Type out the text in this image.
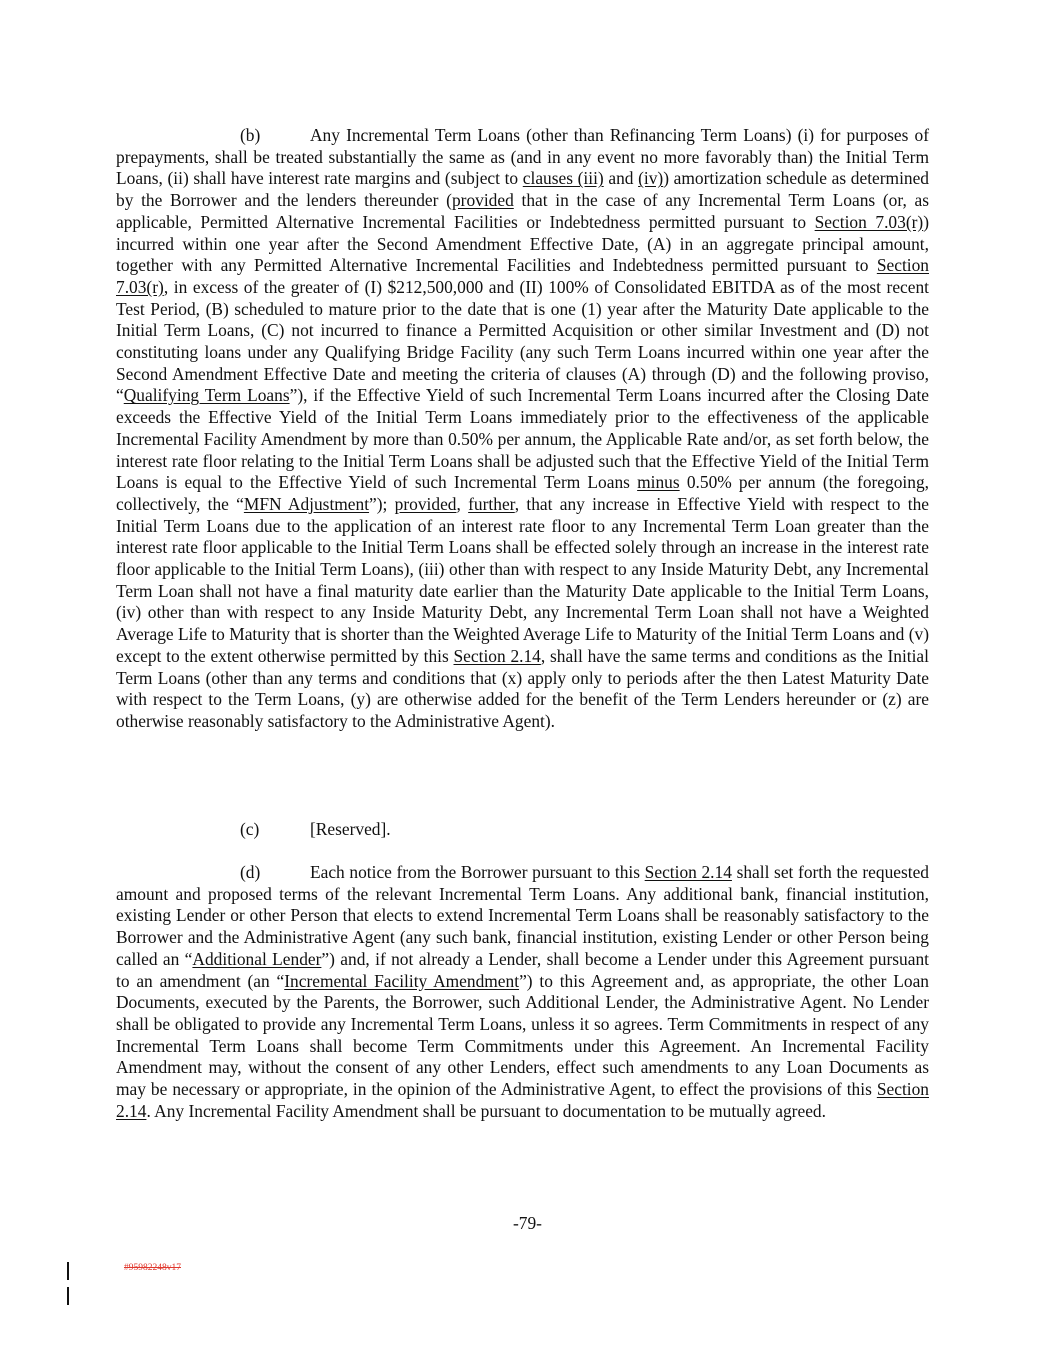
(b)	Any Incremental Term Loans (other than Refinancing Term Loans) (i) for purposes of prepayments, shall be treated substantially the same as (and in any event no more favorably than) the Initial Term Loans, (ii) shall have interest rate margins and (subject to clauses (iii) and (iv)) amortization schedule as determined by the Borrower and the lenders thereunder (provided that in the case of any Incremental Term Loans (or, as applicable, Permitted Alternative Incremental Facilities or Indebtedness permitted pursuant to Section 7.03(r)) incurred within one year after the Second Amendment Effective Date, (A) in an aggregate principal amount, together with any Permitted Alternative Incremental Facilities and Indebtedness permitted pursuant to Section 7.03(r), in excess of the greater of (I) $212,500,000 and (II) 100% of Consolidated EBITDA as of the most recent Test Period, (B) scheduled to mature prior to the date that is one (1) year after the Maturity Date applicable to the Initial Term Loans, (C) not incurred to finance a Permitted Acquisition or other similar Investment and (D) not constituting loans under any Qualifying Bridge Facility (any such Term Loans incurred within one year after the Second Amendment Effective Date and meeting the criteria of clauses (A) through (D) and the following proviso, “Qualifying Term Loans”), if the Effective Yield of such Incremental Term Loans incurred after the Closing Date exceeds the Effective Yield of the Initial Term Loans immediately prior to the effectiveness of the applicable Incremental Facility Amendment by more than 0.50% per annum, the Applicable Rate and/or, as set forth below, the interest rate floor relating to the Initial Term Loans shall be adjusted such that the Effective Yield of the Initial Term Loans is equal to the Effective Yield of such Incremental Term Loans minus 0.50% per annum (the foregoing, collectively, the “MFN Adjustment”); provided, further, that any increase in Effective Yield with respect to the Initial Term Loans due to the application of an interest rate floor to any Incremental Term Loan greater than the interest rate floor applicable to the Initial Term Loans shall be effected solely through an increase in the interest rate floor applicable to the Initial Term Loans), (iii) other than with respect to any Inside Maturity Debt, any Incremental Term Loan shall not have a final maturity date earlier than the Maturity Date applicable to the Initial Term Loans, (iv) other than with respect to any Inside Maturity Debt, any Incremental Term Loan shall not have a Weighted Average Life to Maturity that is shorter than the Weighted Average Life to Maturity of the Initial Term Loans and (v) except to the extent otherwise permitted by this Section 2.14, shall have the same terms and conditions as the Initial Term Loans (other than any terms and conditions that (x) apply only to periods after the then Latest Maturity Date with respect to the Term Loans, (y) are otherwise added for the benefit of the Term Lenders hereunder or (z) are otherwise reasonably satisfactory to the Administrative Agent).

(c)	[Reserved].

(d)	Each notice from the Borrower pursuant to this Section 2.14 shall set forth the requested amount and proposed terms of the relevant Incremental Term Loans. Any additional bank, financial institution, existing Lender or other Person that elects to extend Incremental Term Loans shall be reasonably satisfactory to the Borrower and the Administrative Agent (any such bank, financial institution, existing Lender or other Person being called an “Additional Lender”) and, if not already a Lender, shall become a Lender under this Agreement pursuant to an amendment (an “Incremental Facility Amendment”) to this Agreement and, as appropriate, the other Loan Documents, executed by the Parents, the Borrower, such Additional Lender, the Administrative Agent. No Lender shall be obligated to provide any Incremental Term Loans, unless it so agrees. Term Commitments in respect of any Incremental Term Loans shall become Term Commitments under this Agreement. An Incremental Facility Amendment may, without the consent of any other Lenders, effect such amendments to any Loan Documents as may be necessary or appropriate, in the opinion of the Administrative Agent, to effect the provisions of this Section 2.14. Any Incremental Facility Amendment shall be pursuant to documentation to be mutually agreed.

-79-
#95982248v17
